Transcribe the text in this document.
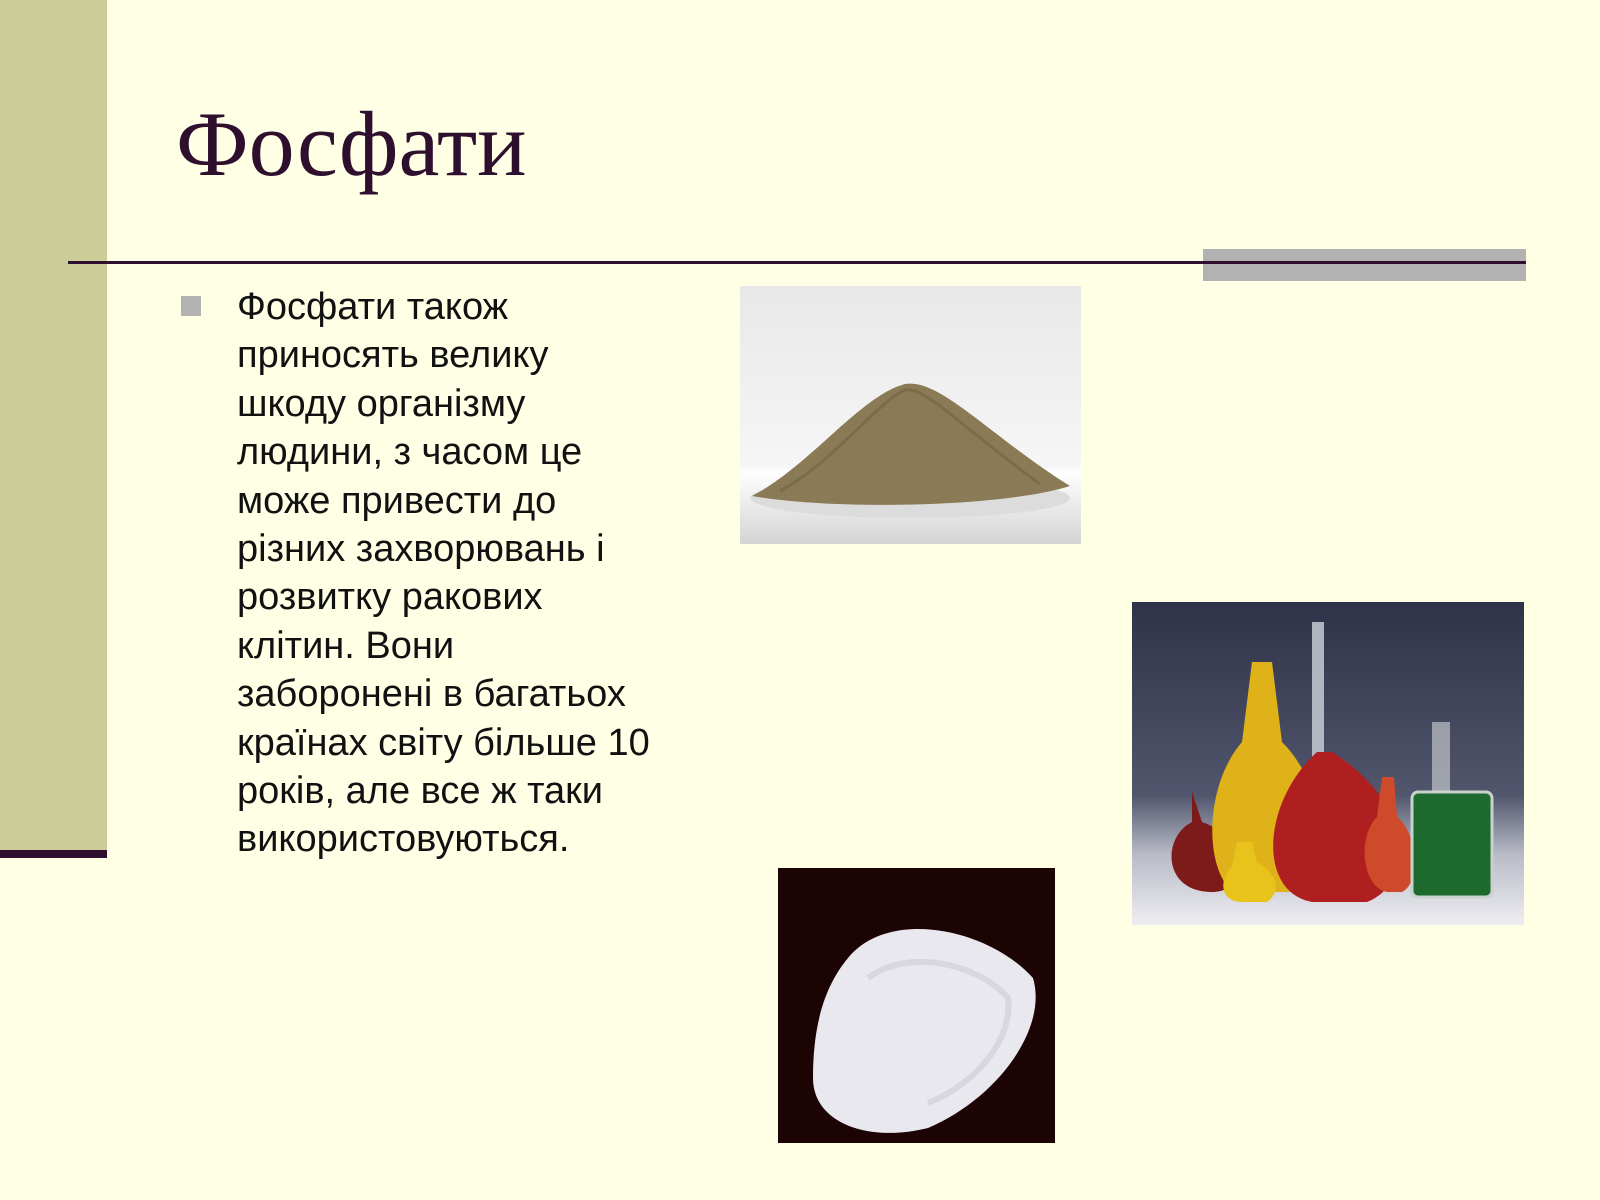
Фосфати
Фосфати також приносять велику шкоду організму людини, з часом це може привести до різних захворювань і розвитку ракових клітин. Вони заборонені в багатьох країнах світу більше 10 років, але все ж таки використовуються.
